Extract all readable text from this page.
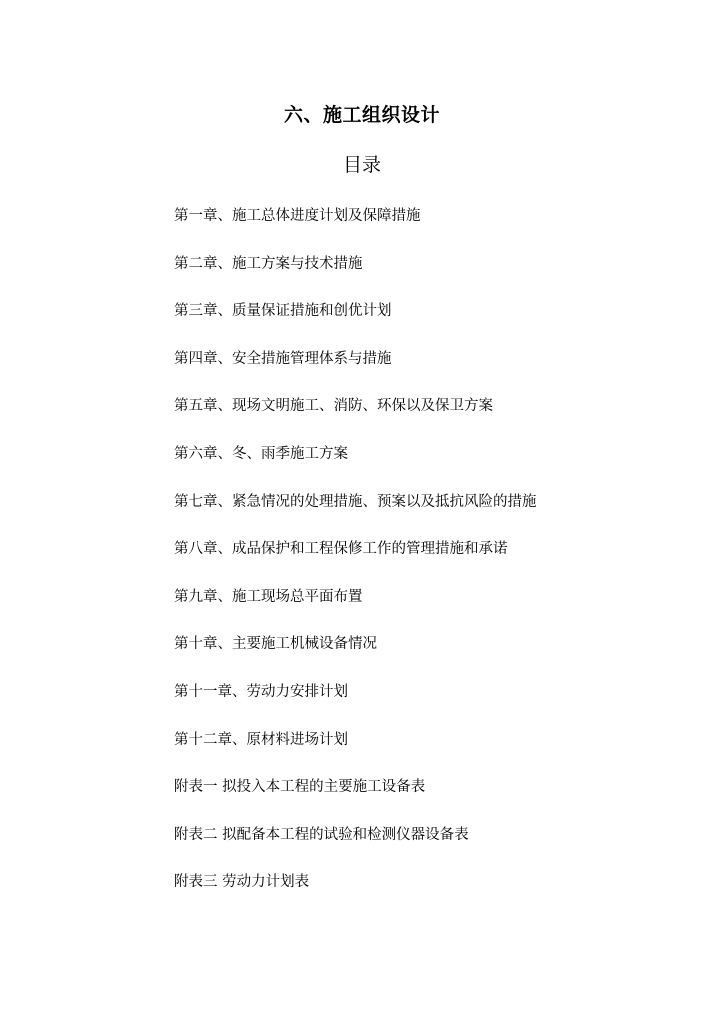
六、施工组织设计
目录
第一章、施工总体进度计划及保障措施
第二章、施工方案与技术措施
第三章、质量保证措施和创优计划
第四章、安全措施管理体系与措施
第五章、现场文明施工、消防、环保以及保卫方案
第六章、冬、雨季施工方案
第七章、紧急情况的处理措施、预案以及抵抗风险的措施
第八章、成品保护和工程保修工作的管理措施和承诺
第九章、施工现场总平面布置
第十章、主要施工机械设备情况
第十一章、劳动力安排计划
第十二章、原材料进场计划
附表一 拟投入本工程的主要施工设备表
附表二 拟配备本工程的试验和检测仪器设备表
附表三 劳动力计划表
